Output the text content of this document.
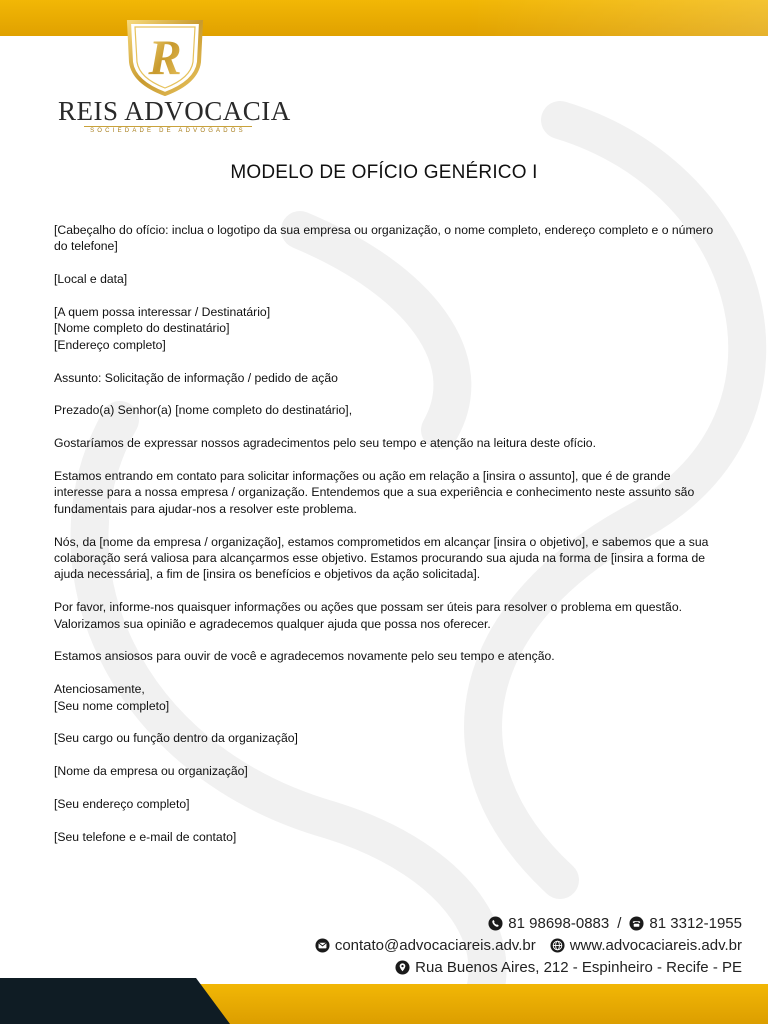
R
REIS ADVOCACIA
SOCIEDADE DE ADVOGADOS
MODELO DE OFÍCIO GENÉRICO I

[Cabeçalho do ofício: inclua o logotipo da sua empresa ou organização, o nome completo, endereço completo e o número do telefone]

[Local e data]

[A quem possa interessar / Destinatário]

[Nome completo do destinatário]

[Endereço completo]

Assunto: Solicitação de informação / pedido de ação

Prezado(a) Senhor(a) [nome completo do destinatário],

Gostaríamos de expressar nossos agradecimentos pelo seu tempo e atenção na leitura deste ofício.

Estamos entrando em contato para solicitar informações ou ação em relação a [insira o assunto], que é de grande interesse para a nossa empresa / organização. Entendemos que a sua experiência e conhecimento neste assunto são fundamentais para ajudar-nos a resolver este problema.

Nós, da [nome da empresa / organização], estamos comprometidos em alcançar [insira o objetivo], e sabemos que a sua colaboração será valiosa para alcançarmos esse objetivo. Estamos procurando sua ajuda na forma de [insira a forma de ajuda necessária], a fim de [insira os benefícios e objetivos da ação solicitada].

Por favor, informe-nos quaisquer informações ou ações que possam ser úteis para resolver o problema em questão. Valorizamos sua opinião e agradecemos qualquer ajuda que possa nos oferecer.

Estamos ansiosos para ouvir de você e agradecemos novamente pelo seu tempo e atenção.

Atenciosamente,

[Seu nome completo]

[Seu cargo ou função dentro da organização]

[Nome da empresa ou organização]

[Seu endereço completo]

[Seu telefone e e-mail de contato]

81 98698-0883 / 81 3312-1955
contato@advocaciareis.adv.br www.advocaciareis.adv.br
Rua Buenos Aires, 212 - Espinheiro - Recife - PE
